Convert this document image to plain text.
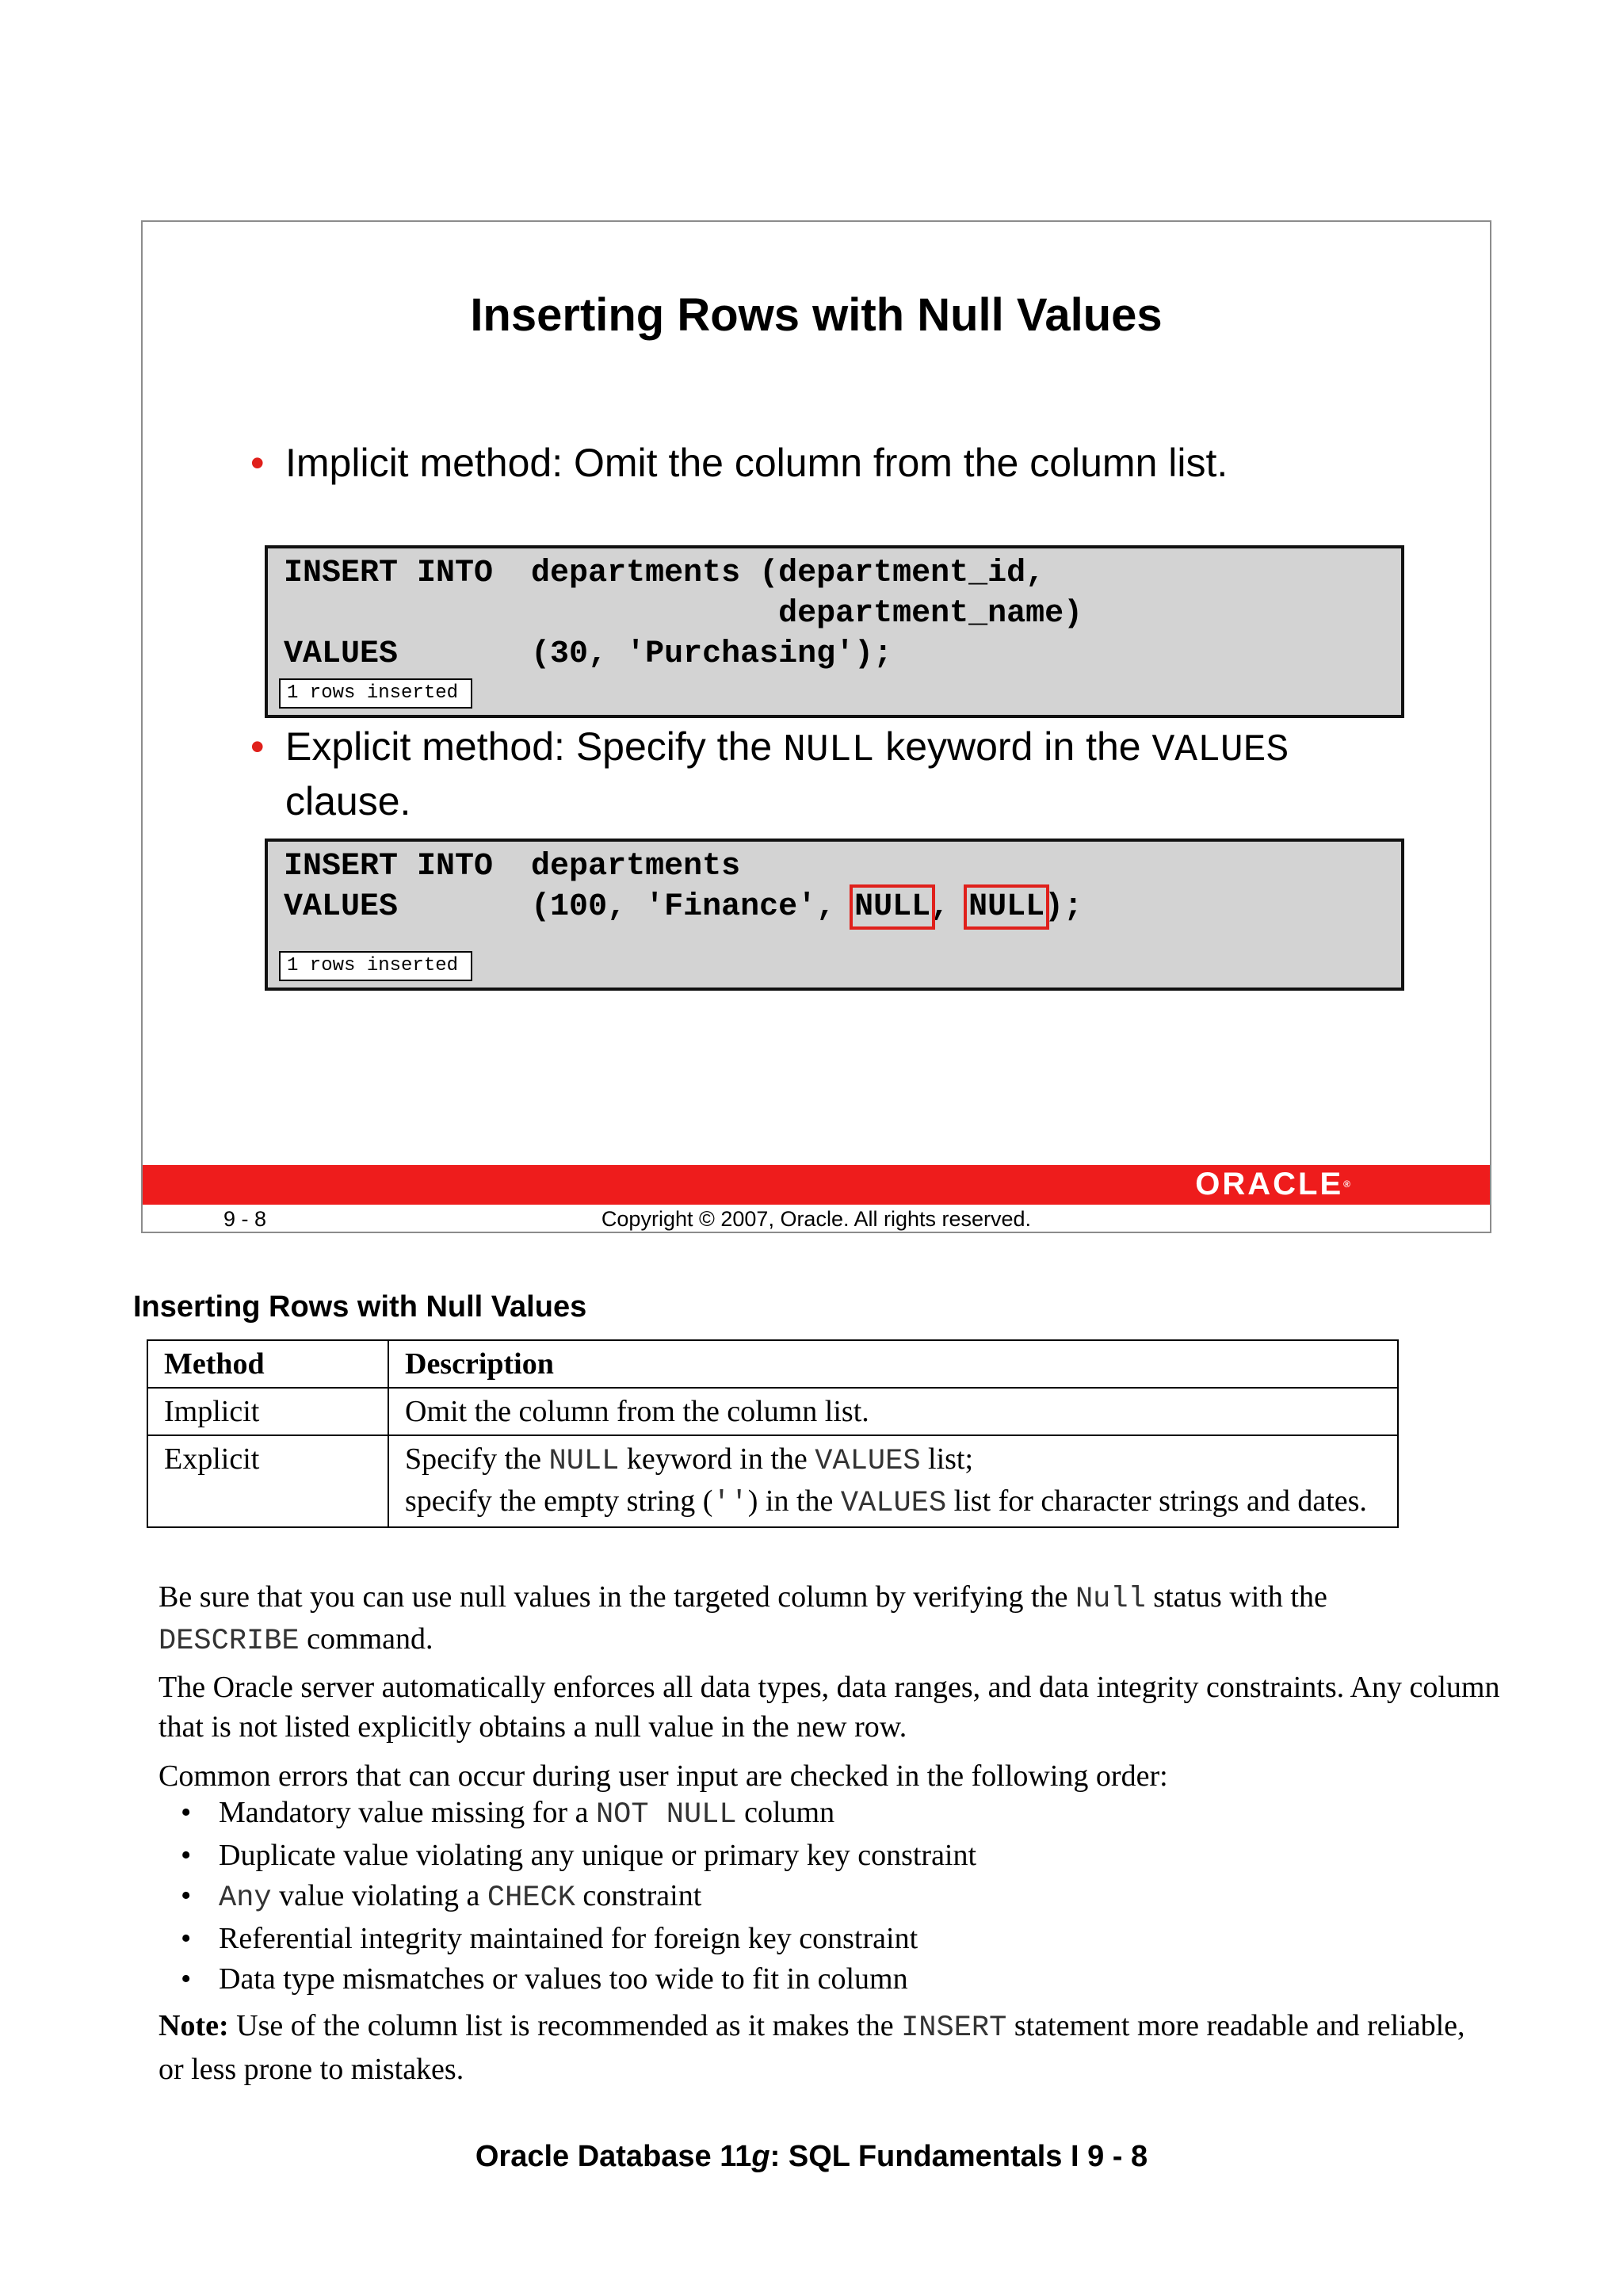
Inserting Rows with Null Values
• Implicit method: Omit the column from the column list.
INSERT INTO  departments (department_id,
department_name)
VALUES       (30, 'Purchasing');
1 rows inserted
• Explicit method: Specify the NULL keyword in the VALUES clause.
INSERT INTO  departments
VALUES       (100, 'Finance', NULL, NULL);
1 rows inserted
ORACLE®
9 - 8	Copyright © 2007, Oracle. All rights reserved.
Inserting Rows with Null Values
Method	Description
Implicit	Omit the column from the column list.
Explicit	Specify the NULL keyword in the VALUES list;
specify the empty string ('') in the VALUES list for character strings and dates.
Be sure that you can use null values in the targeted column by verifying the Null status with the
DESCRIBE command.
The Oracle server automatically enforces all data types, data ranges, and data integrity constraints. Any column that is not listed explicitly obtains a null value in the new row.
Common errors that can occur during user input are checked in the following order:
• Mandatory value missing for a NOT NULL column
• Duplicate value violating any unique or primary key constraint
• Any value violating a CHECK constraint
• Referential integrity maintained for foreign key constraint
• Data type mismatches or values too wide to fit in column
Note: Use of the column list is recommended as it makes the INSERT statement more readable and reliable, or less prone to mistakes.
Oracle Database 11g: SQL Fundamentals I 9 - 8
